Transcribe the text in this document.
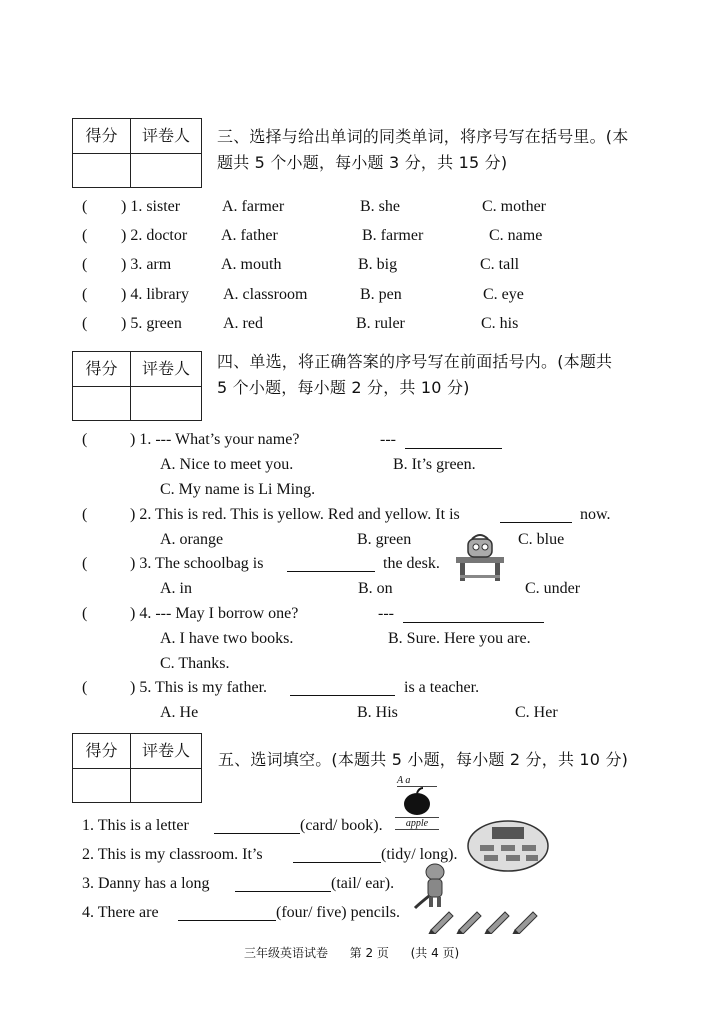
得分	评卷人	三、选择与给出单词的同类单词，将序号写在括号里。(本
题共 5 个小题，每小题 3 分，共 15 分)
( ) 1. sister	A. farmer	B. she	C. mother
( ) 2. doctor A. father	B. farmer	C. name
( ) 3. arm	A. mouth	B. big	C. tall
( ) 4. library A. classroom	B. pen	C. eye
( ) 5. green	A. red	B. ruler	C. his
得分	评卷人	四、单选，将正确答案的序号写在前面括号内。(本题共
5 个小题，每小题 2 分，共 10 分)
(	) 1. --- What’s your name?	---
A. Nice to meet you.	B. It’s green.
C. My name is Li Ming.
(	) 2. This is red. This is yellow. Red and yellow. It is	now.
A. orange	B. green	C. blue
(	) 3. The schoolbag is	the desk.
A. in	B. on	C. under
(	) 4. --- May I borrow one?	---
A. I have two books.	B. Sure. Here you are.
C. Thanks.
(	) 5. This is my father.	is a teacher.
A. He	B. His	C. Her
得分	评卷人	五、选词填空。(本题共 5 小题，每小题 2 分，共 10 分)
A a
apple
1. This is a letter	(card/ book).
2. This is my classroom. It’s	(tidy/ long).
3. Danny has a long	(tail/ ear).
4. There are	(four/ five) pencils.
三年级英语试卷 第 2 页 (共 4 页)
